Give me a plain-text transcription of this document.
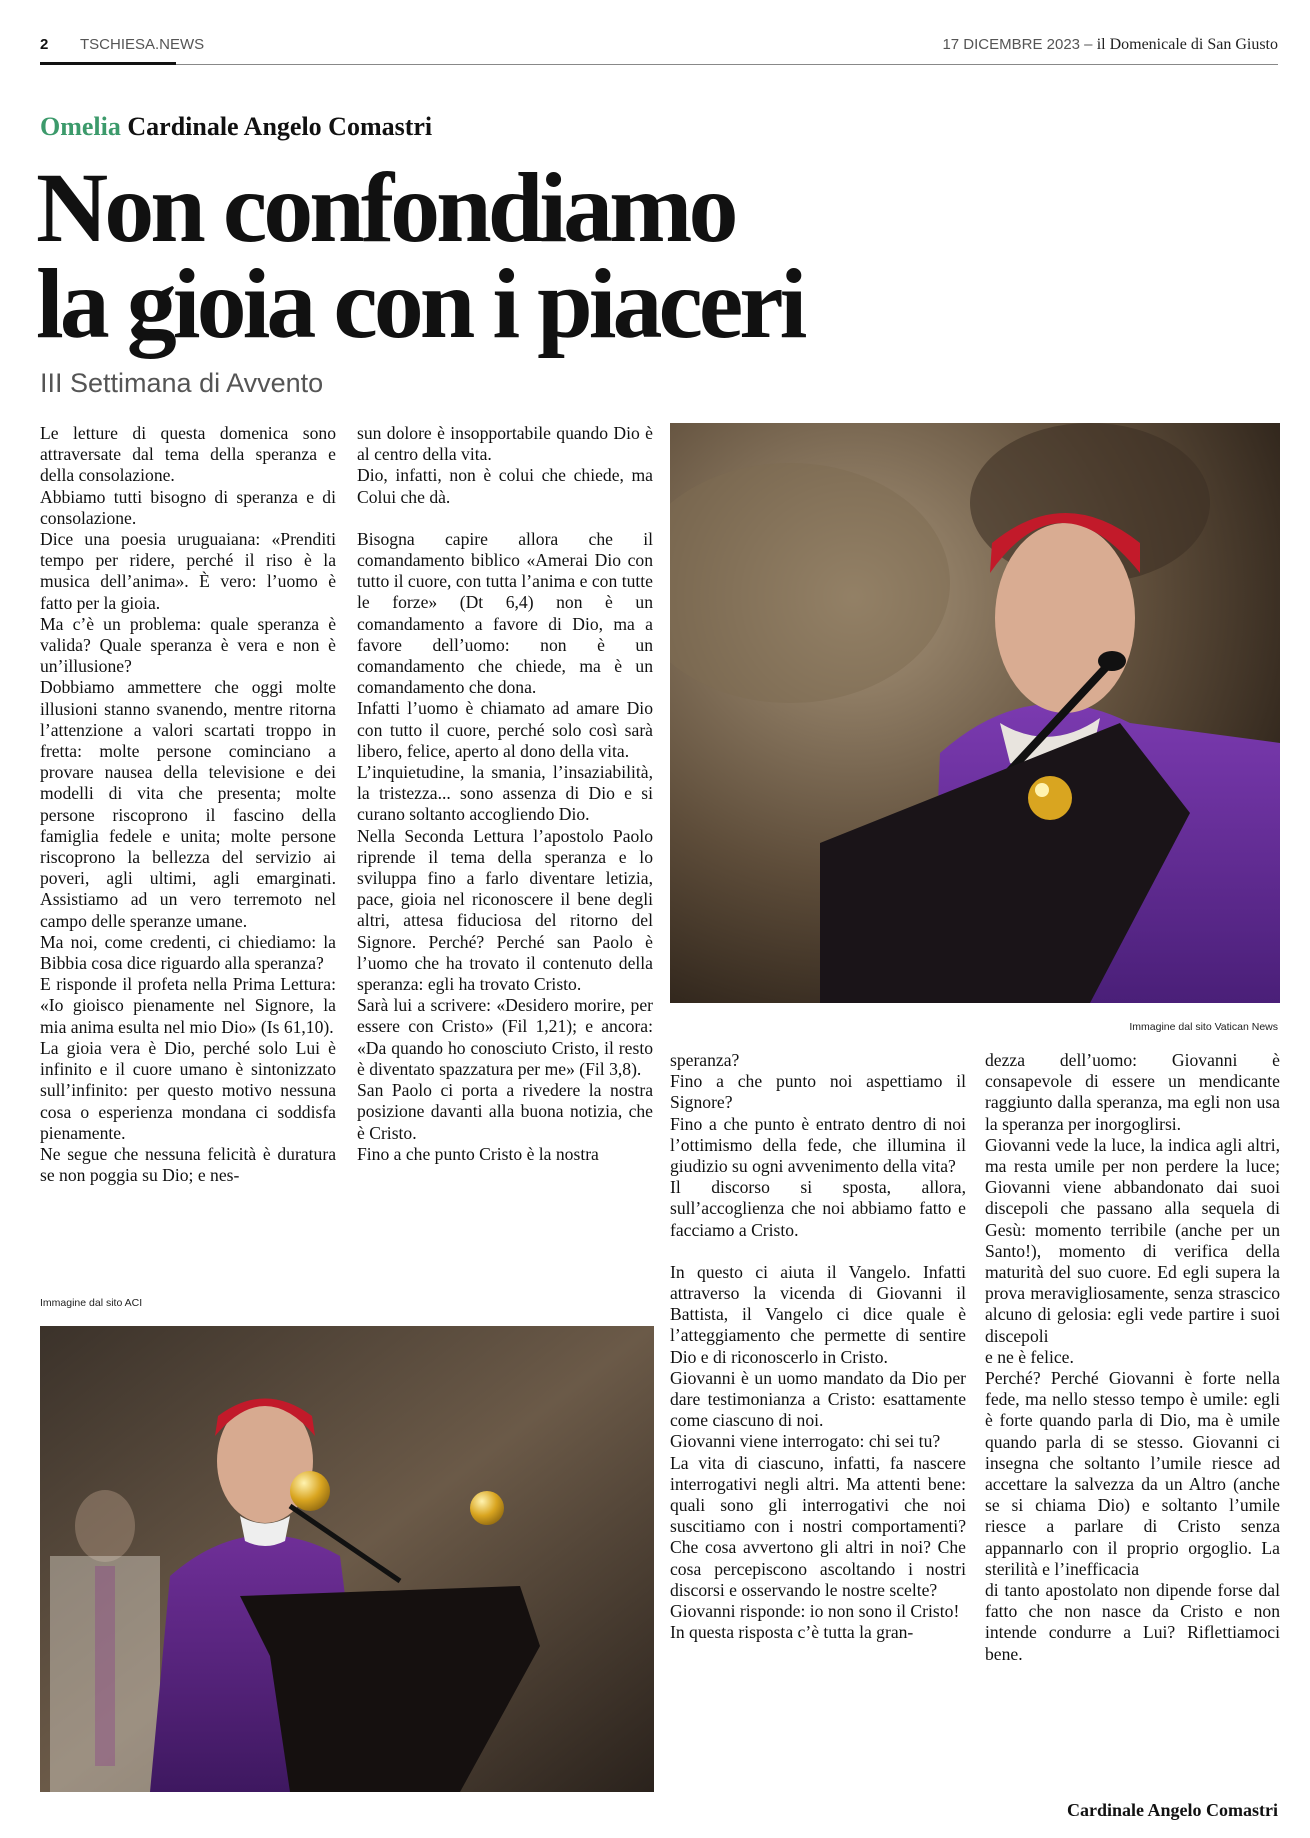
2 TSCHIESA.NEWS	17 DICEMBRE 2023 – il Domenicale di San Giusto
Omelia Cardinale Angelo Comastri
Non confondiamo
la gioia con i piaceri
III Settimana di Avvento

Le letture di questa domenica sono attraversate dal tema della speranza e della consolazione.

Abbiamo tutti bisogno di speranza e di consolazione.

Dice una poesia uruguaiana: «Prenditi tempo per ridere, perché il riso è la musica dell’anima». È vero: l’uomo è fatto per la gioia.

Ma c’è un problema: quale speranza è valida? Quale speranza è vera e non è un’illusione?

Dobbiamo ammettere che oggi molte illusioni stanno svanendo, mentre ritorna l’attenzione a valori scartati troppo in fretta: molte persone cominciano a provare nausea della televisione e dei modelli di vita che presenta; molte persone riscoprono il fascino della famiglia fedele e unita; molte persone riscoprono la bellezza del servizio ai poveri, agli ultimi, agli emarginati. Assistiamo ad un vero terremoto nel campo delle speranze umane.

Ma noi, come credenti, ci chiediamo: la Bibbia cosa dice riguardo alla speranza?

E risponde il profeta nella Prima Lettura: «Io gioisco pienamente nel Signore, la mia anima esulta nel mio Dio» (Is 61,10).

La gioia vera è Dio, perché solo Lui è infinito e il cuore umano è sintonizzato sull’infinito: per questo motivo nessuna cosa o esperienza mondana ci soddisfa pienamente.

Ne segue che nessuna felicità è duratura se non poggia su Dio; e nes-

sun dolore è insopportabile quando Dio è al centro della vita.

Dio, infatti, non è colui che chiede, ma Colui che dà.

Bisogna capire allora che il comandamento biblico «Amerai Dio con tutto il cuore, con tutta l’anima e con tutte le forze» (Dt 6,4) non è un comandamento a favore di Dio, ma a favore dell’uomo: non è un comandamento che chiede, ma è un comandamento che dona.

Infatti l’uomo è chiamato ad amare Dio con tutto il cuore, perché solo così sarà libero, felice, aperto al dono della vita.

L’inquietudine, la smania, l’insaziabilità, la tristezza... sono assenza di Dio e si curano soltanto accogliendo Dio.

Nella Seconda Lettura l’apostolo Paolo riprende il tema della speranza e lo sviluppa fino a farlo diventare letizia, pace, gioia nel riconoscere il bene degli altri, attesa fiduciosa del ritorno del Signore. Perché? Perché san Paolo è l’uomo che ha trovato il contenuto della speranza: egli ha trovato Cristo.

Sarà lui a scrivere: «Desidero morire, per essere con Cristo» (Fil 1,21); e ancora: «Da quando ho conosciuto Cristo, il resto è diventato spazzatura per me» (Fil 3,8).

San Paolo ci porta a rivedere la nostra posizione davanti alla buona notizia, che è Cristo.

Fino a che punto Cristo è la nostra

Immagine dal sito Vatican News

speranza?

Fino a che punto noi aspettiamo il Signore?

Fino a che punto è entrato dentro di noi l’ottimismo della fede, che illumina il giudizio su ogni avvenimento della vita?

Il discorso si sposta, allora, sull’accoglienza che noi abbiamo fatto e facciamo a Cristo.

In questo ci aiuta il Vangelo. Infatti attraverso la vicenda di Giovanni il Battista, il Vangelo ci dice quale è l’atteggiamento che permette di sentire Dio e di riconoscerlo in Cristo.

Giovanni è un uomo mandato da Dio per dare testimonianza a Cristo: esattamente come ciascuno di noi.

Giovanni viene interrogato: chi sei tu?

La vita di ciascuno, infatti, fa nascere interrogativi negli altri. Ma attenti bene: quali sono gli interrogativi che noi suscitiamo con i nostri comportamenti? Che cosa avvertono gli altri in noi? Che cosa percepiscono ascoltando i nostri discorsi e osservando le nostre scelte?

Giovanni risponde: io non sono il Cristo!

In questa risposta c’è tutta la gran-

dezza dell’uomo: Giovanni è consapevole di essere un mendicante raggiunto dalla speranza, ma egli non usa la speranza per inorgoglirsi.

Giovanni vede la luce, la indica agli altri, ma resta umile per non perdere la luce; Giovanni viene abbandonato dai suoi discepoli che passano alla sequela di Gesù: momento terribile (anche per un Santo!), momento di verifica della maturità del suo cuore. Ed egli supera la prova meravigliosamente, senza strascico alcuno di gelosia: egli vede partire i suoi discepoli

e ne è felice.

Perché? Perché Giovanni è forte nella fede, ma nello stesso tempo è umile: egli è forte quando parla di Dio, ma è umile quando parla di se stesso. Giovanni ci insegna che soltanto l’umile riesce ad accettare la salvezza da un Altro (anche se si chiama Dio) e soltanto l’umile riesce a parlare di Cristo senza appannarlo con il proprio orgoglio. La sterilità e l’inefficacia

di tanto apostolato non dipende forse dal fatto che non nasce da Cristo e non intende condurre a Lui? Riflettiamoci bene.

Immagine dal sito ACI
Cardinale Angelo Comastri
